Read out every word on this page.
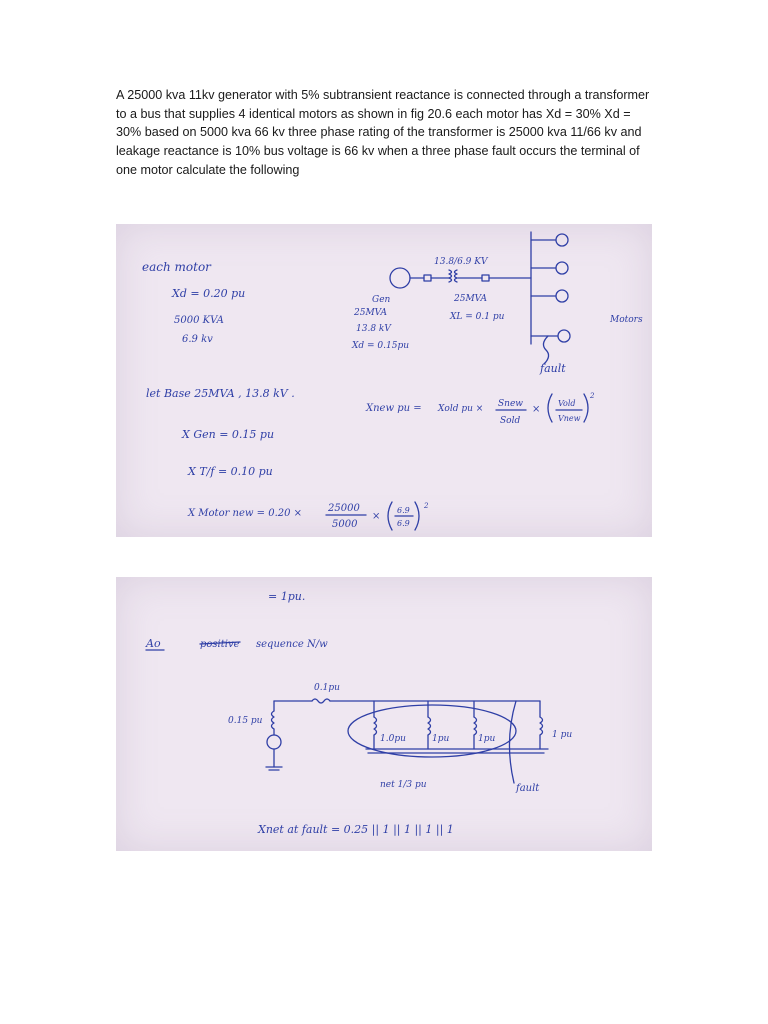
A 25000 kva 11kv generator with 5% subtransient reactance is connected through a transformer to a bus that supplies 4 identical motors as shown in fig 20.6 each motor has Xd = 30% Xd = 30% based on 5000 kva 66 kv three phase rating of the transformer is 25000 kva 11/66 kv and leakage reactance is 10% bus voltage is 66 kv when a three phase fault occurs the terminal of one motor calculate the following

each motor
Xd = 0.20 pu
5000 KVA
6.9 kv
13.8/6.9 KV
Gen
25MVA
13.8 kV
Xd = 0.15pu
25MVA
XL = 0.1 pu	Motors
fault
let Base 25MVA , 13.8 kV .
Xnew pu = Xold pu × Snew
Sold
×
Vold
Vnew
2
X Gen = 0.15 pu
X T/f = 0.10 pu
X Motor new = 0.20 ×	25000
5000
×
6.9
6.9
2
= 1pu.
Ao	positive sequence N/w
0.1pu
0.15 pu
1.0pu	1pu	1pu	1 pu
net 1/3 pu	fault
Xnet at fault = 0.25 || 1 || 1 || 1 || 1
